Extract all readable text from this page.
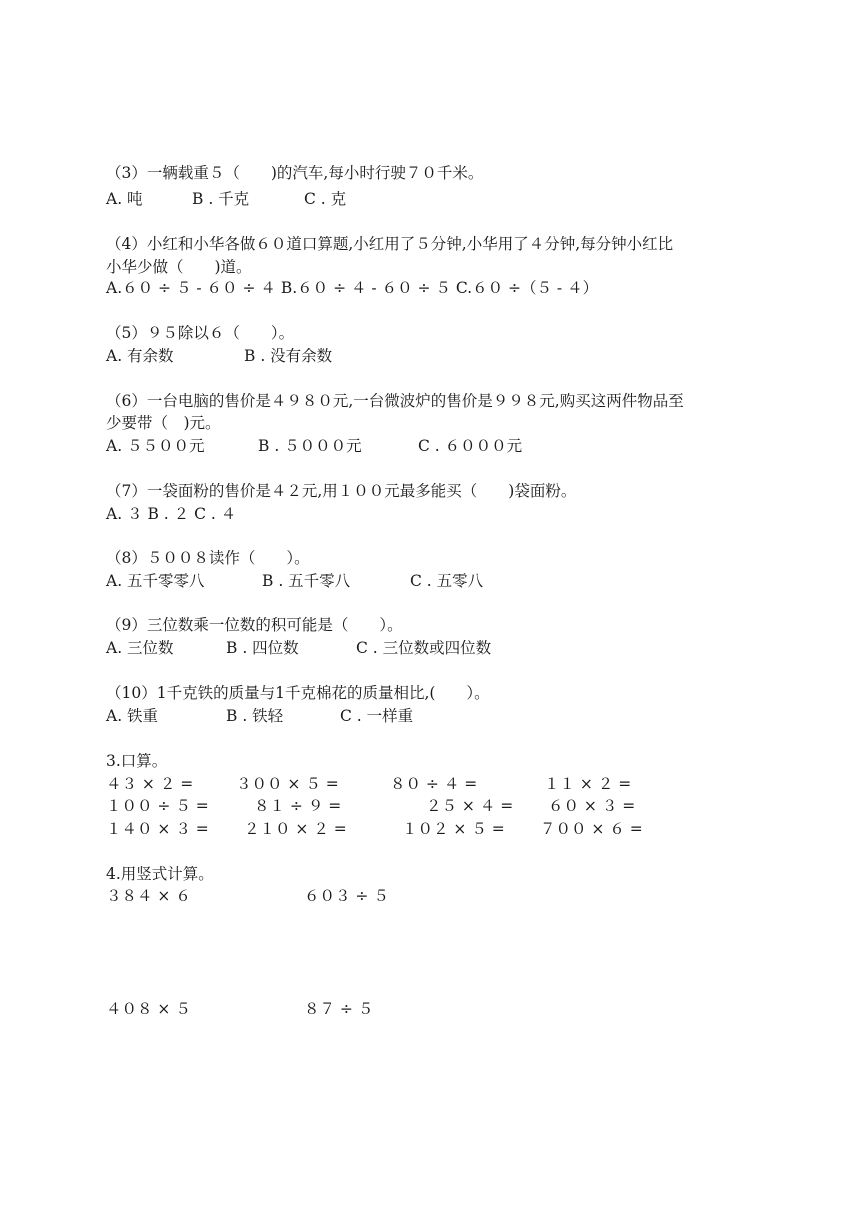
（3）一辆载重５（　　)的汽车,每小时行驶７０千米。
A. 吨	B . 千克	C . 克
（4）小红和小华各做６０道口算题,小红用了５分钟,小华用了４分钟,每分钟小红比
小华少做（　　)道。
A.６０ ÷ ５ - ６０ ÷ ４ B.６０ ÷ ４ - ６０ ÷ ５ C.６０ ÷（５ - ４）
（5）９５除以６（　　）。
A. 有余数	B . 没有余数
（6）一台电脑的售价是４９８０元,一台微波炉的售价是９９８元,购买这两件物品至
少要带（　)元。
A. ５５００元	B . ５０００元	C . ６０００元
（7）一袋面粉的售价是４２元,用１００元最多能买（　　)袋面粉。
A. ３ B . ２ C . ４
（8）５００８读作（　　）。
A. 五千零零八	B . 五千零八	C . 五零八
（9）三位数乘一位数的积可能是（　　）。
A. 三位数	B . 四位数	C . 三位数或四位数
（10）1千克铁的质量与1千克棉花的质量相比,(　　）。
A. 铁重	B . 铁轻	C . 一样重
3.口算。
４３ × ２ =	３００ × ５ =	８０ ÷ ４ =	１１ × ２ =
１００ ÷ ５ =	８１ ÷ ９ =	２５ × ４ = ６０ × ３ =
１４０ × ３ = ２１０ × ２ =	１０２ × ５ = ７００ × ６ =
4.用竖式计算。
３８４ × ６	６０３ ÷ ５
４０８ × ５	８７ ÷ ５
